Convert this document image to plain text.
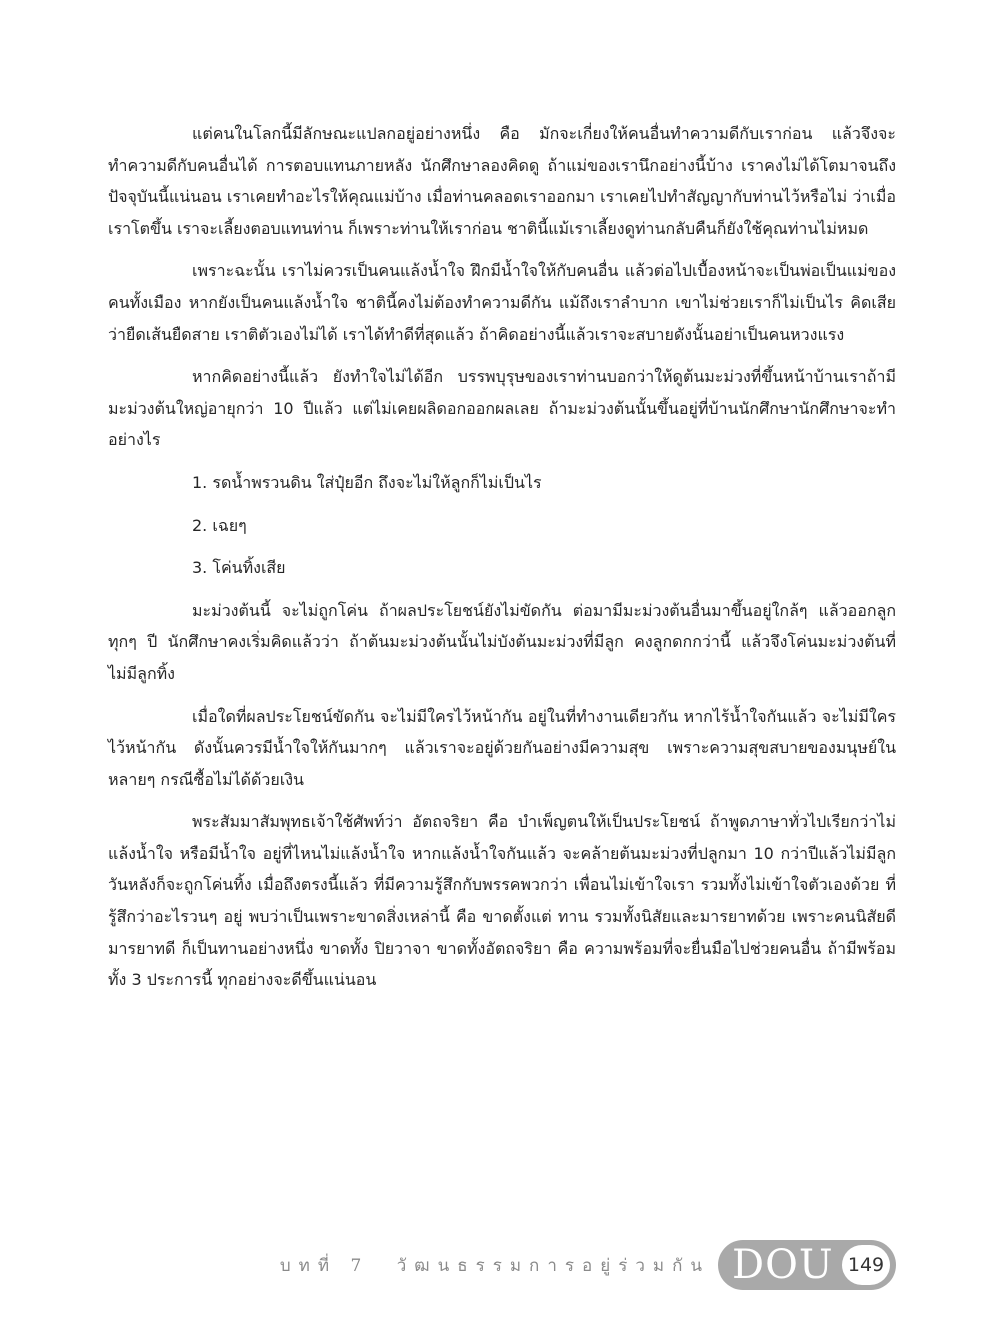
แต่คนในโลกนี้มีลักษณะแปลกอยู่อย่างหนึ่ง คือ มักจะเกี่ยงให้คนอื่นทำความดีกับเราก่อน แล้วจึงจะทำความดีกับคนอื่นได้ การตอบแทนภายหลัง นักศึกษาลองคิดดู ถ้าแม่ของเรานึกอย่างนี้บ้าง เราคงไม่ได้โตมาจนถึงปัจจุบันนี้แน่นอน เราเคยทำอะไรให้คุณแม่บ้าง เมื่อท่านคลอดเราออกมา เราเคยไปทำสัญญากับท่านไว้หรือไม่ ว่าเมื่อเราโตขึ้น เราจะเลี้ยงตอบแทนท่าน ก็เพราะท่านให้เราก่อน ชาตินี้แม้เราเลี้ยงดูท่านกลับคืนก็ยังใช้คุณท่านไม่หมด

เพราะฉะนั้น เราไม่ควรเป็นคนแล้งน้ำใจ ฝึกมีน้ำใจให้กับคนอื่น แล้วต่อไปเบื้องหน้าจะเป็นพ่อเป็นแม่ของคนทั้งเมือง หากยังเป็นคนแล้งน้ำใจ ชาตินี้คงไม่ต้องทำความดีกัน แม้ถึงเราลำบาก เขาไม่ช่วยเราก็ไม่เป็นไร คิดเสียว่ายืดเส้นยืดสาย เราติตัวเองไม่ได้ เราได้ทำดีที่สุดแล้ว ถ้าคิดอย่างนี้แล้วเราจะสบายดังนั้นอย่าเป็นคนหวงแรง

หากคิดอย่างนี้แล้ว ยังทำใจไม่ได้อีก บรรพบุรุษของเราท่านบอกว่าให้ดูต้นมะม่วงที่ขึ้นหน้าบ้านเราถ้ามีมะม่วงต้นใหญ่อายุกว่า 10 ปีแล้ว แต่ไม่เคยผลิดอกออกผลเลย ถ้ามะม่วงต้นนั้นขึ้นอยู่ที่บ้านนักศึกษานักศึกษาจะทำอย่างไร

1. รดน้ำพรวนดิน ใส่ปุ๋ยอีก ถึงจะไม่ให้ลูกก็ไม่เป็นไร
2. เฉยๆ
3. โค่นทิ้งเสีย

มะม่วงต้นนี้ จะไม่ถูกโค่น ถ้าผลประโยชน์ยังไม่ขัดกัน ต่อมามีมะม่วงต้นอื่นมาขึ้นอยู่ใกล้ๆ แล้วออกลูกทุกๆ ปี นักศึกษาคงเริ่มคิดแล้วว่า ถ้าต้นมะม่วงต้นนั้นไม่บังต้นมะม่วงที่มีลูก คงลูกดกกว่านี้ แล้วจึงโค่นมะม่วงต้นที่ไม่มีลูกทิ้ง

เมื่อใดที่ผลประโยชน์ขัดกัน จะไม่มีใครไว้หน้ากัน อยู่ในที่ทำงานเดียวกัน หากไร้น้ำใจกันแล้ว จะไม่มีใครไว้หน้ากัน ดังนั้นควรมีน้ำใจให้กันมากๆ แล้วเราจะอยู่ด้วยกันอย่างมีความสุข เพราะความสุขสบายของมนุษย์ในหลายๆ กรณีซื้อไม่ได้ด้วยเงิน

พระสัมมาสัมพุทธเจ้าใช้ศัพท์ว่า อัตถจริยา คือ บำเพ็ญตนให้เป็นประโยชน์ ถ้าพูดภาษาทั่วไปเรียกว่าไม่แล้งน้ำใจ หรือมีน้ำใจ อยู่ที่ไหนไม่แล้งน้ำใจ หากแล้งน้ำใจกันแล้ว จะคล้ายต้นมะม่วงที่ปลูกมา 10 กว่าปีแล้วไม่มีลูก วันหลังก็จะถูกโค่นทิ้ง เมื่อถึงตรงนี้แล้ว ที่มีความรู้สึกกับพรรคพวกว่า เพื่อนไม่เข้าใจเรา รวมทั้งไม่เข้าใจตัวเองด้วย ที่รู้สึกว่าอะไรวนๆ อยู่ พบว่าเป็นเพราะขาดสิ่งเหล่านี้ คือ ขาดตั้งแต่ ทาน รวมทั้งนิสัยและมารยาทด้วย เพราะคนนิสัยดี มารยาทดี ก็เป็นทานอย่างหนึ่ง ขาดทั้ง ปิยวาจา ขาดทั้งอัตถจริยา คือ ความพร้อมที่จะยื่นมือไปช่วยคนอื่น ถ้ามีพร้อมทั้ง 3 ประการนี้ ทุกอย่างจะดีขึ้นแน่นอน

บทที่ 7 วัฒนธรรมการอยู่ร่วมกัน DOU 149
